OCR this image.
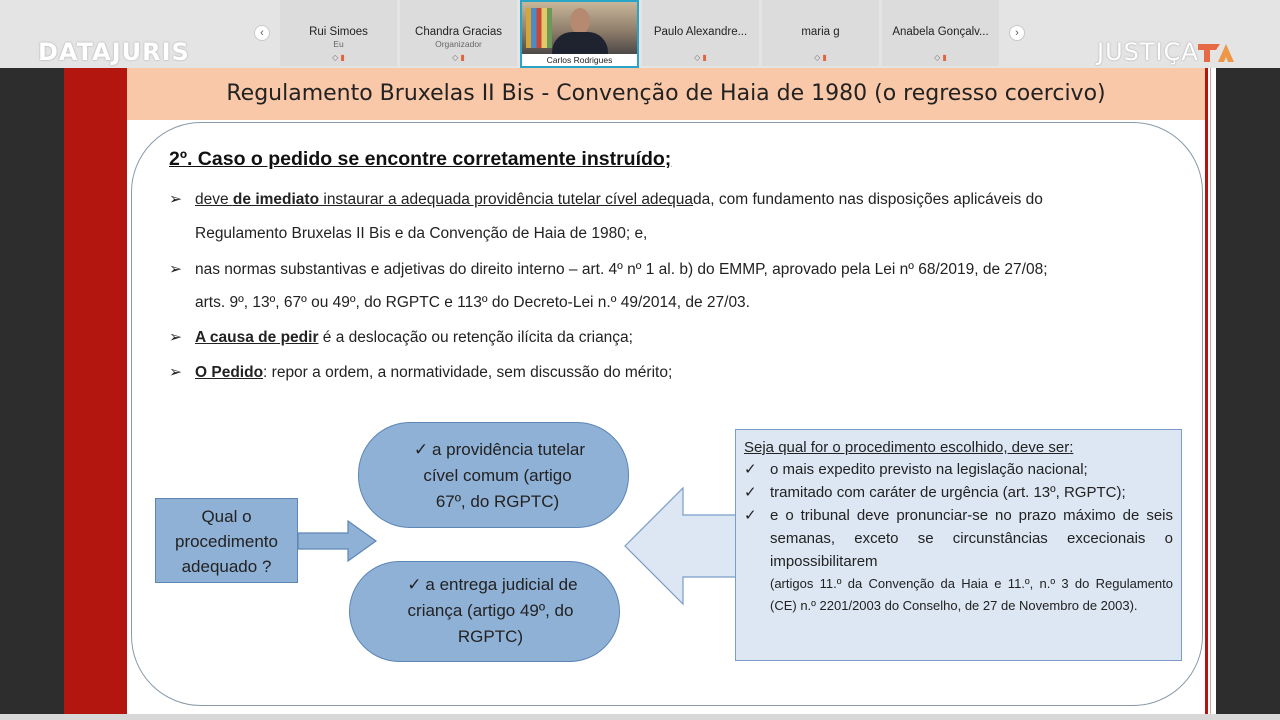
DATAJURIS
‹	Rui Simoes
Eu
◇ ▮
Chandra Gracias
Organizador
◇ ▮	Carlos Rodrigues
Paulo Alexandre...
◇ ▮
maria g
◇ ▮
Anabela Gonçalv...
◇ ▮
›
JUSTIÇA
Regulamento Bruxelas II Bis - Convenção de Haia de 1980 (o regresso coercivo)
2º. Caso o pedido se encontre corretamente instruído;
➢ deve de imediato instaurar a adequada providência tutelar cível adequada, com fundamento nas disposições aplicáveis do
Regulamento Bruxelas II Bis e da Convenção de Haia de 1980; e,
➢ nas normas substantivas e adjetivas do direito interno – art. 4º nº 1 al. b) do EMMP, aprovado pela Lei nº 68/2019, de 27/08;
arts. 9º, 13º, 67º ou 49º, do RGPTC e 113º do Decreto-Lei n.º 49/2014, de 27/03.
➢ A causa de pedir é a deslocação ou retenção ilícita da criança;
➢ O Pedido: repor a ordem, a normatividade, sem discussão do mérito;
Qual o
procedimento
adequado ?
✓ a providência tutelar
cível comum (artigo
67º, do RGPTC)
✓ a entrega judicial de
criança (artigo 49º, do
RGPTC)
Seja qual for o procedimento escolhido, deve ser:
✓ o mais expedito previsto na legislação nacional;
✓ tramitado com caráter de urgência (art. 13º, RGPTC);
✓ e o tribunal deve pronunciar-se no prazo máximo de seis semanas, exceto se circunstâncias excecionais o impossibilitarem
(artigos 11.º da Convenção da Haia e 11.º, n.º 3 do Regulamento (CE) n.º 2201/2003 do Conselho, de 27 de Novembro de 2003).
